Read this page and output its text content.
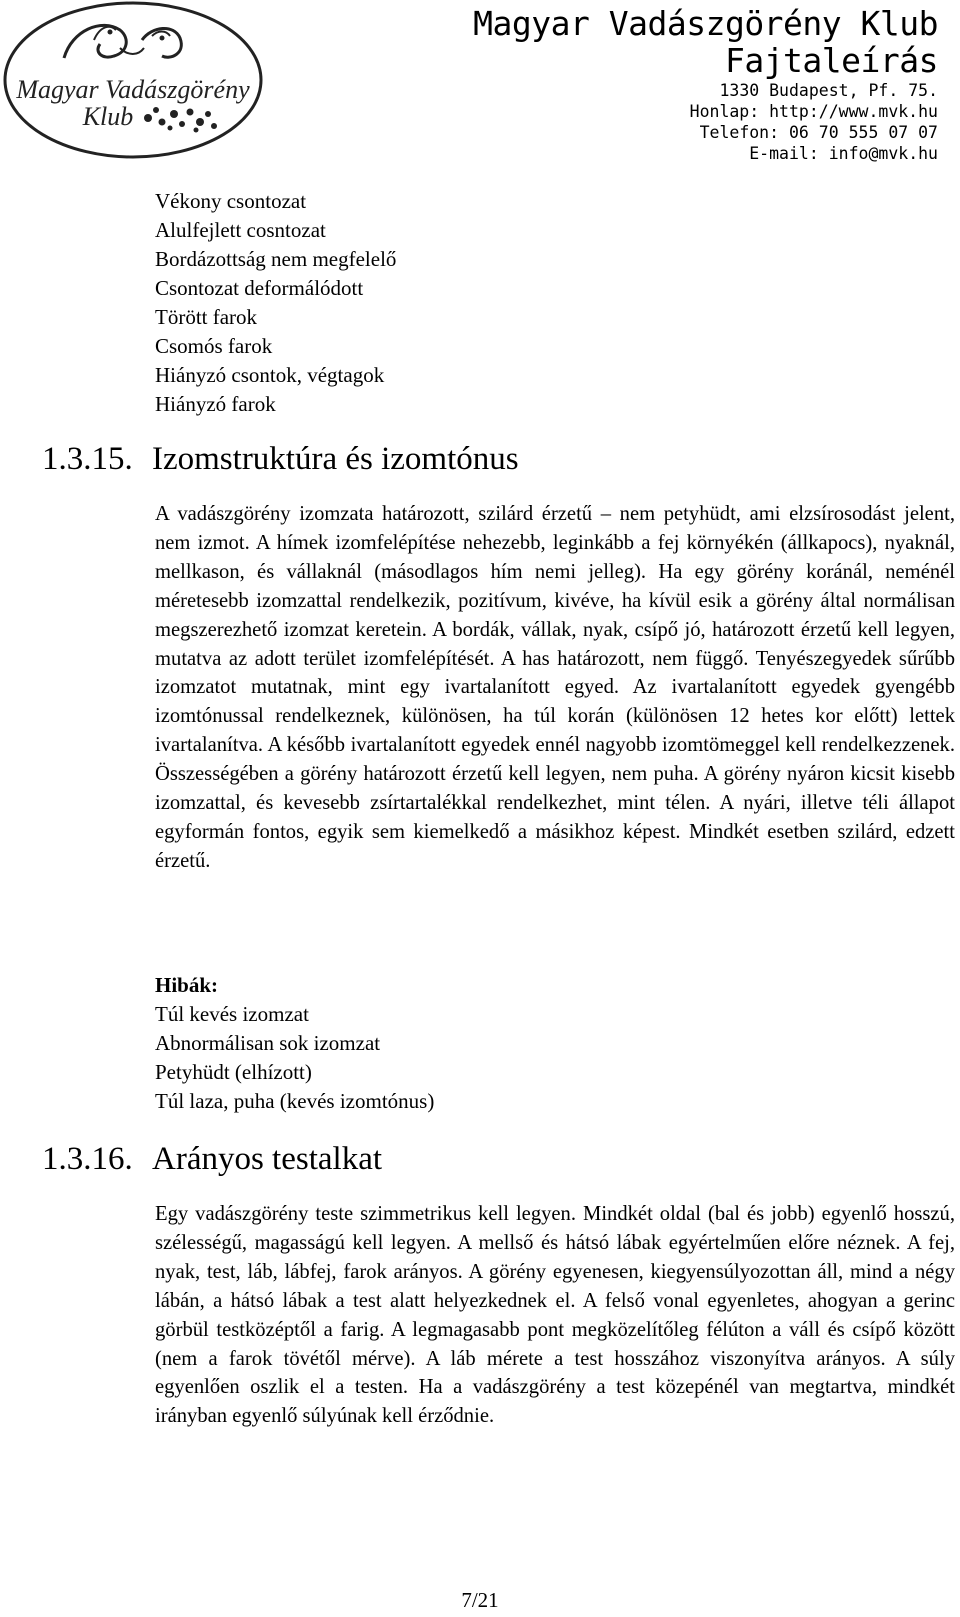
Magyar Vadászgörény
Klub
Magyar Vadászgörény Klub
Fajtaleírás
1330 Budapest, Pf. 75.
Honlap: http://www.mvk.hu
Telefon: 06 70 555 07 07
E-mail: info@mvk.hu
Vékony csontozat
Alulfejlett cosntozat
Bordázottság nem megfelelő
Csontozat deformálódott
Törött farok
Csomós farok
Hiányzó csontok, végtagok
Hiányzó farok
1.3.15. Izomstruktúra és izomtónus

A vadászgörény izomzata határozott, szilárd érzetű – nem petyhüdt, ami elzsírosodást jelent, nem izmot. A hímek izomfelépítése nehezebb, leginkább a fej környékén (állkapocs), nyaknál, mellkason, és vállaknál (másodlagos hím nemi jelleg). Ha egy görény koránál, neménél méretesebb izomzattal rendelkezik, pozitívum, kivéve, ha kívül esik a görény által normálisan megszerezhető izomzat keretein. A bordák, vállak, nyak, csípő jó, határozott érzetű kell legyen, mutatva az adott terület izomfelépítését. A has határozott, nem függő. Tenyészegyedek sűrűbb izomzatot mutatnak, mint egy ivartalanított egyed. Az ivartalanított egyedek gyengébb izomtónussal rendelkeznek, különösen, ha túl korán (különösen 12 hetes kor előtt) lettek ivartalanítva. A később ivartalanított egyedek ennél nagyobb izomtömeggel kell rendelkezzenek. Összességében a görény határozott érzetű kell legyen, nem puha. A görény nyáron kicsit kisebb izomzattal, és kevesebb zsírtartalékkal rendelkezhet, mint télen. A nyári, illetve téli állapot egyformán fontos, egyik sem kiemelkedő a másikhoz képest. Mindkét esetben szilárd, edzett érzetű.

Hibák:
Túl kevés izomzat
Abnormálisan sok izomzat
Petyhüdt (elhízott)
Túl laza, puha (kevés izomtónus)
1.3.16. Arányos testalkat

Egy vadászgörény teste szimmetrikus kell legyen. Mindkét oldal (bal és jobb) egyenlő hosszú, szélességű, magasságú kell legyen. A mellső és hátsó lábak egyértelműen előre néznek. A fej, nyak, test, láb, lábfej, farok arányos. A görény egyenesen, kiegyensúlyozottan áll, mind a négy lábán, a hátsó lábak a test alatt helyezkednek el. A felső vonal egyenletes, ahogyan a gerinc görbül testközéptől a farig. A legmagasabb pont megközelítőleg félúton a váll és csípő között (nem a farok tövétől mérve). A láb mérete a test hosszához viszonyítva arányos. A súly egyenlően oszlik el a testen. Ha a vadászgörény a test közepénél van megtartva, mindkét irányban egyenlő súlyúnak kell érződnie.

7/21
